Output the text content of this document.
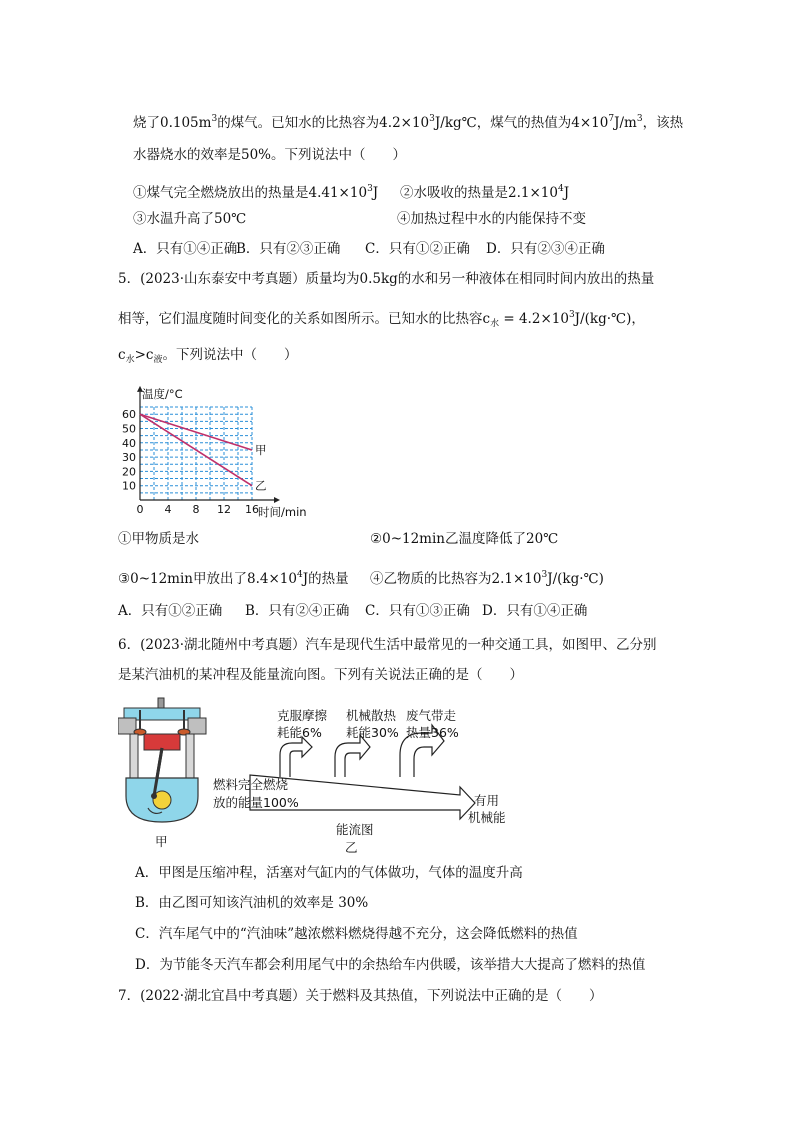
烧了$0.105m^3$的煤气。已知水的比热容为$4.2\times 10^3J/kg℃$，煤气的热值为$4\times 10^7J/m^3$，该热
水器烧水的效率是50%。下列说法中（　　）
①煤气完全燃烧放出的热量是$4.41\times 10^3J$ ②水吸收的热量是$2.1\times 10^4J$
③水温升高了50℃	④加热过程中水的内能保持不变
A．只有①④正确
B．只有②③正确 C．只有①②正确 D．只有②③④正确
5．(2023·山东泰安中考真题）质量均为0.5kg的水和另一种液体在相同时间内放出的热量
相等，它们温度随时间变化的关系如图所示。已知水的比热容$c_水$ = $4.2\times 10^3J/(kg\cdot℃)$，
$c_水>c_液$。下列说法中（　　）
0 4 8 12 16
10
20
30
40
50
60
温度/°C
时间/min
甲
乙
①甲物质是水	②0~12min乙温度降低了20℃
③0~12min甲放出了$8.4\times 10^4J$的热量 ④乙物质的比热容为$2.1\times 10^3J/(kg\cdot℃)$
A．只有①②正确 B．只有②④正确 C．只有①③正确 D．只有①④正确
6．(2023·湖北随州中考真题）汽车是现代生活中最常见的一种交通工具，如图甲、乙分别
是某汽油机的某冲程及能量流向图。下列有关说法正确的是（　　）
甲
克服摩擦
耗能6%
机械散热
耗能30%
废气带走
热量36%
燃料完全燃烧
放的能量100%	有用
机械能
能流图
乙
A．甲图是压缩冲程，活塞对气缸内的气体做功，气体的温度升高
B．由乙图可知该汽油机的效率是 30%
C．汽车尾气中的“汽油味”越浓燃料燃烧得越不充分，这会降低燃料的热值
D．为节能冬天汽车都会利用尾气中的余热给车内供暖，该举措大大提高了燃料的热值
7．(2022·湖北宜昌中考真题）关于燃料及其热值，下列说法中正确的是（　　）
